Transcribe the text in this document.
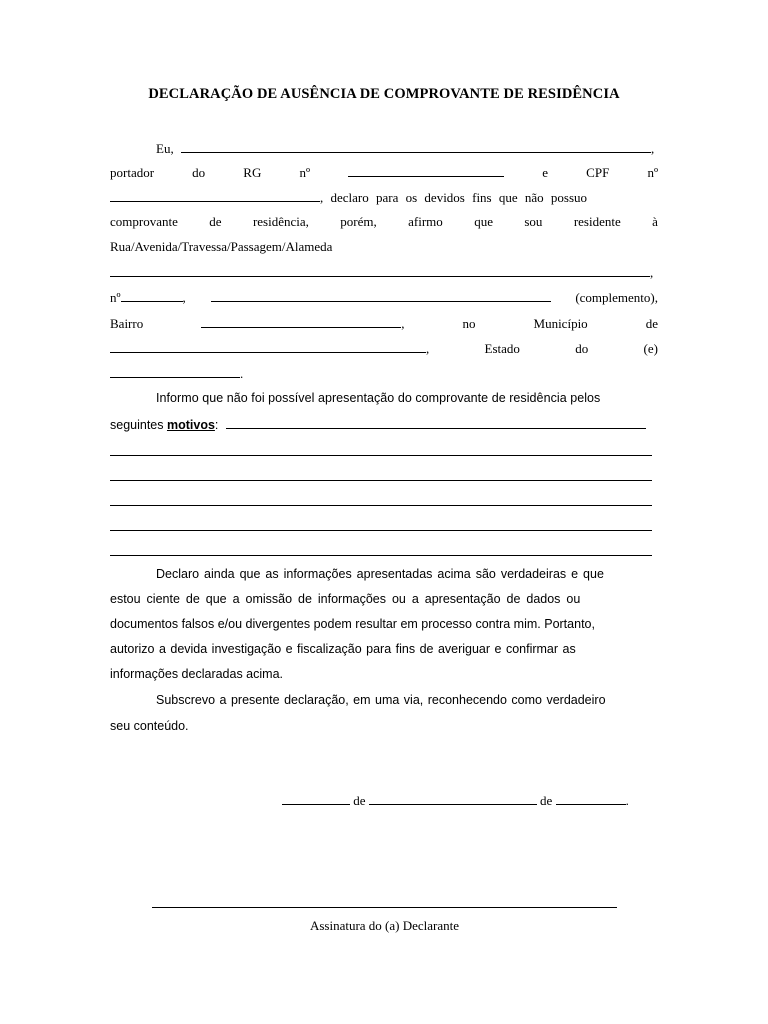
DECLARAÇÃO DE AUSÊNCIA DE COMPROVANTE DE RESIDÊNCIA
Eu,	,
portador	do	RG	nº	e	CPF	nº
, declaro para os devidos fins que não possuo
comprovante de residência, porém, afirmo que sou residente à
Rua/Avenida/Travessa/Passagem/Alameda
,
nº	,	(complemento),
Bairro	,	no	Município	de
,	Estado	do	(e)
.
Informo que não foi possível apresentação do comprovante de residência pelos
seguintes motivos:
Declaro ainda que as informações apresentadas acima são verdadeiras e que
estou ciente de que a omissão de informações ou a apresentação de dados ou
documentos falsos e/ou divergentes podem resultar em processo contra mim. Portanto,
autorizo a devida investigação e fiscalização para fins de averiguar e confirmar as
informações declaradas acima.
Subscrevo a presente declaração, em uma via, reconhecendo como verdadeiro
seu conteúdo.
de	de	.
Assinatura do (a) Declarante
